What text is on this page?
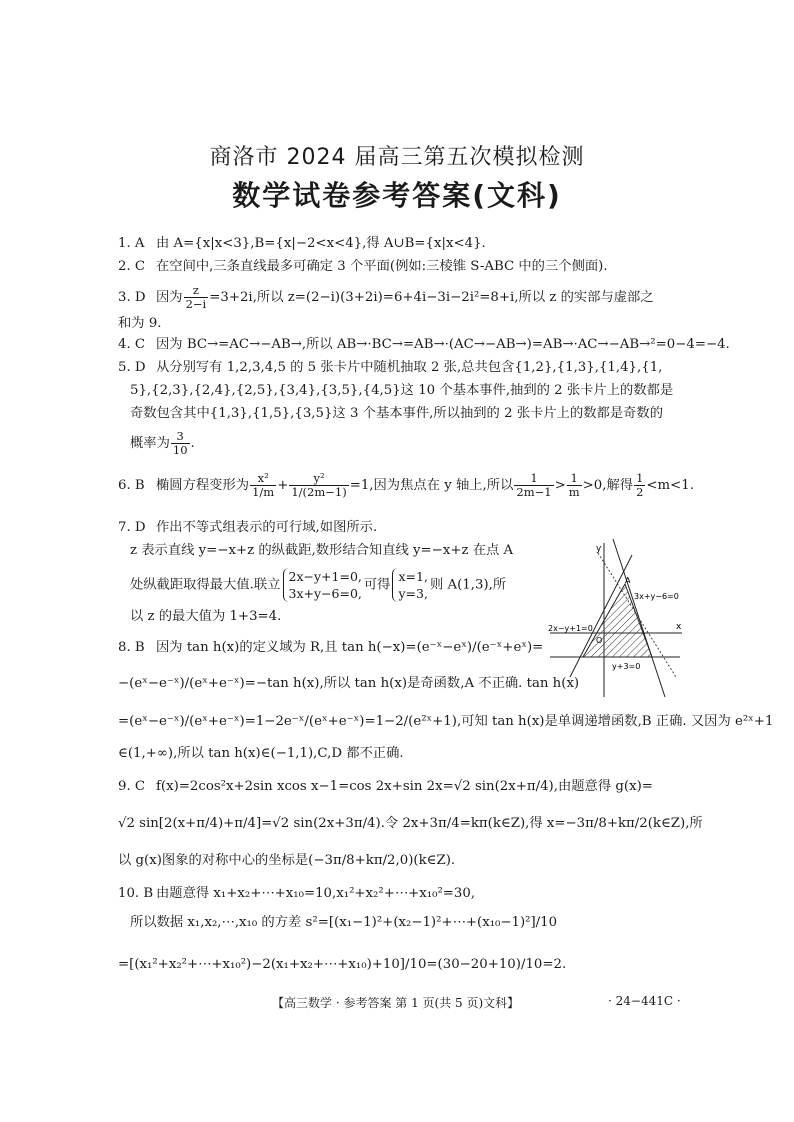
商洛市 2024 届高三第五次模拟检测
数学试卷参考答案(文科)
1. A 由 A={x|x<3},B={x|−2<x<4},得 A∪B={x|x<4}.
2. C 在空间中,三条直线最多可确定 3 个平面(例如:三棱锥 S-ABC 中的三个侧面).
3. D 因为 $\frac{z}{2-i} =3+2i$,所以 z=(2−i)(3+2i)=6+4i−3i−2i²=8+i,所以 z 的实部与虚部之
和为 9.
4. C 因为 BC→=AC→−AB→,所以 AB→·BC→=AB→·(AC→−AB→)=AB→·AC→−AB→²=0−4=−4.
5. D 从分别写有 1,2,3,4,5 的 5 张卡片中随机抽取 2 张,总共包含{1,2},{1,3},{1,4},{1,
5},{2,3},{2,4},{2,5},{3,4},{3,5},{4,5}这 10 个基本事件,抽到的 2 张卡片上的数都是
奇数包含其中{1,3},{1,5},{3,5}这 3 个基本事件,所以抽到的 2 张卡片上的数都是奇数的
概率为 $\frac{3}{10}$ .
6. B 椭圆方程变形为 $\frac{\text{x²}}{1/m} + \frac{\text{y²}}{1/(2m-1)} =1$,因为焦点在 y 轴上,所以 $\frac{1}{2m-1} > \frac{1}{m} >0$,解得 $\frac{1}{2} <m<1$.
7. D 作出不等式组表示的可行域,如图所示.
z 表示直线 y=−x+z 的纵截距,数形结合知直线 y=−x+z 在点 A
处纵截距取得最大值.联立
2x−y+1=0,
3x+y−6=0,
可得
x=1,
y=3,
则 A(1,3),所
以 z 的最大值为 1+3=4.
y
x
O
A
3x+y−6=0
2x−y+1=0
y+3=0
8. B 因为 tan h(x)的定义域为 R,且 tan h(−x)=(e⁻ˣ−eˣ)/(e⁻ˣ+eˣ)=
−(eˣ−e⁻ˣ)/(eˣ+e⁻ˣ)=−tan h(x),所以 tan h(x)是奇函数,A 不正确. tan h(x)
=(eˣ−e⁻ˣ)/(eˣ+e⁻ˣ)=1−2e⁻ˣ/(eˣ+e⁻ˣ)=1−2/(e²ˣ+1),可知 tan h(x)是单调递增函数,B 正确. 又因为 e²ˣ+1
∈(1,+∞),所以 tan h(x)∈(−1,1),C,D 都不正确.
9. C f(x)=2cos²x+2sin xcos x−1=cos 2x+sin 2x=√2 sin(2x+π/4),由题意得 g(x)=
√2 sin[2(x+π/4)+π/4]=√2 sin(2x+3π/4).令 2x+3π/4=kπ(k∈Z),得 x=−3π/8+kπ/2(k∈Z),所
以 g(x)图象的对称中心的坐标是(−3π/8+kπ/2,0)(k∈Z).
10. B 由题意得 x₁+x₂+⋯+x₁₀=10,x₁²+x₂²+⋯+x₁₀²=30,
所以数据 x₁,x₂,⋯,x₁₀ 的方差 s²=[(x₁−1)²+(x₂−1)²+⋯+(x₁₀−1)²]/10
=[(x₁²+x₂²+⋯+x₁₀²)−2(x₁+x₂+⋯+x₁₀)+10]/10=(30−20+10)/10=2.
【高三数学 · 参考答案 第 1 页(共 5 页)文科】	· 24−441C ·
